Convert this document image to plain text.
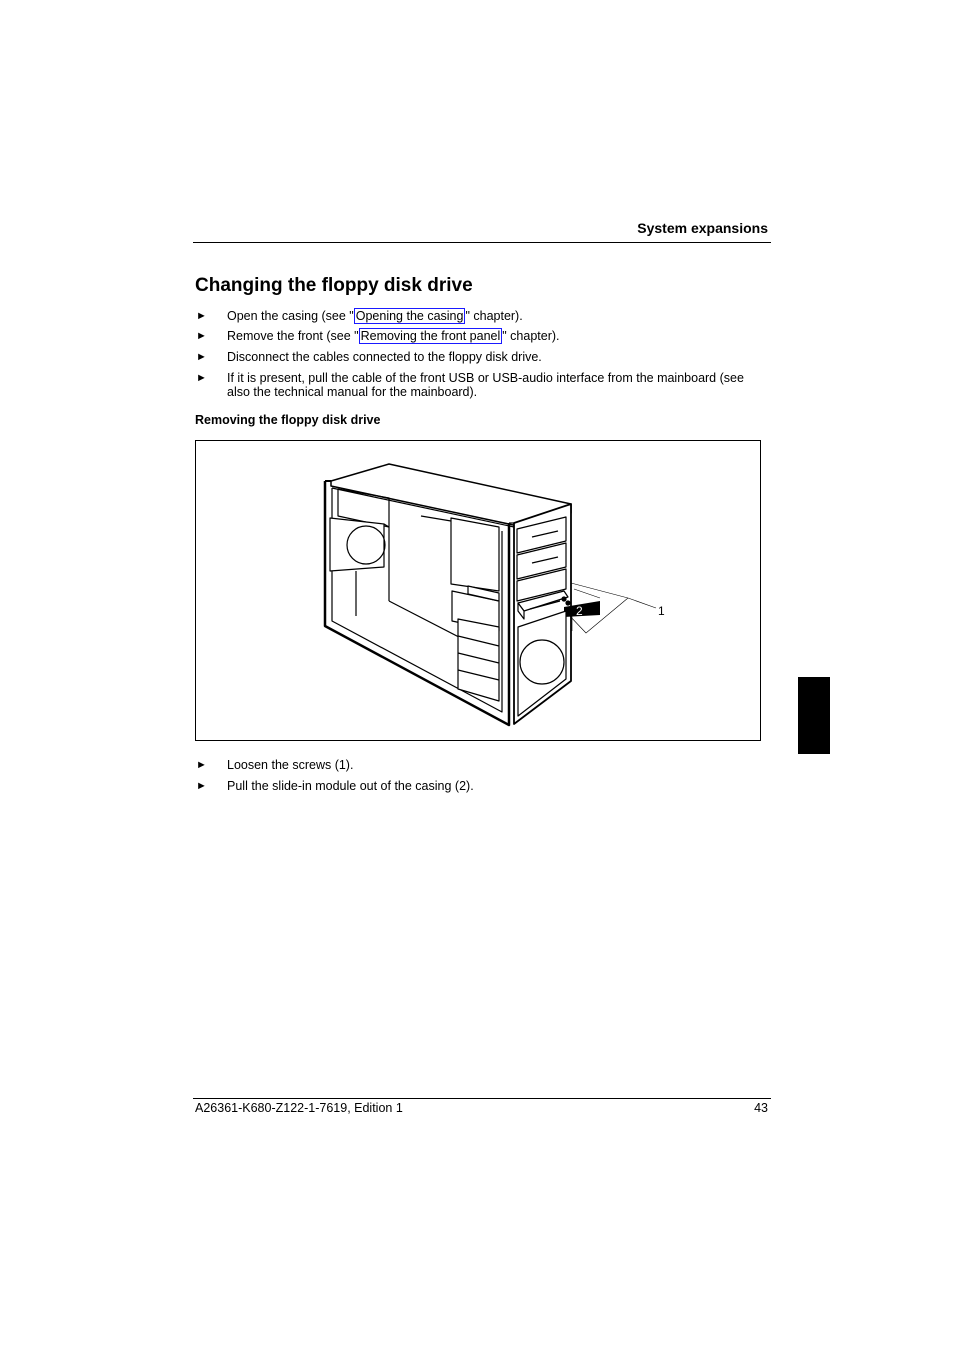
System expansions
Changing the floppy disk drive
► Open the casing (see " Opening the casing " chapter).
► Remove the front (see " Removing the front panel " chapter).
► Disconnect the cables connected to the floppy disk drive.
► If it is present, pull the cable of the front USB or USB-audio interface from the mainboard (see also the technical manual for the mainboard).
Removing the floppy disk drive
1
2
► Loosen the screws (1).
► Pull the slide-in module out of the casing (2).
A26361-K680-Z122-1-7619, Edition 1	43
